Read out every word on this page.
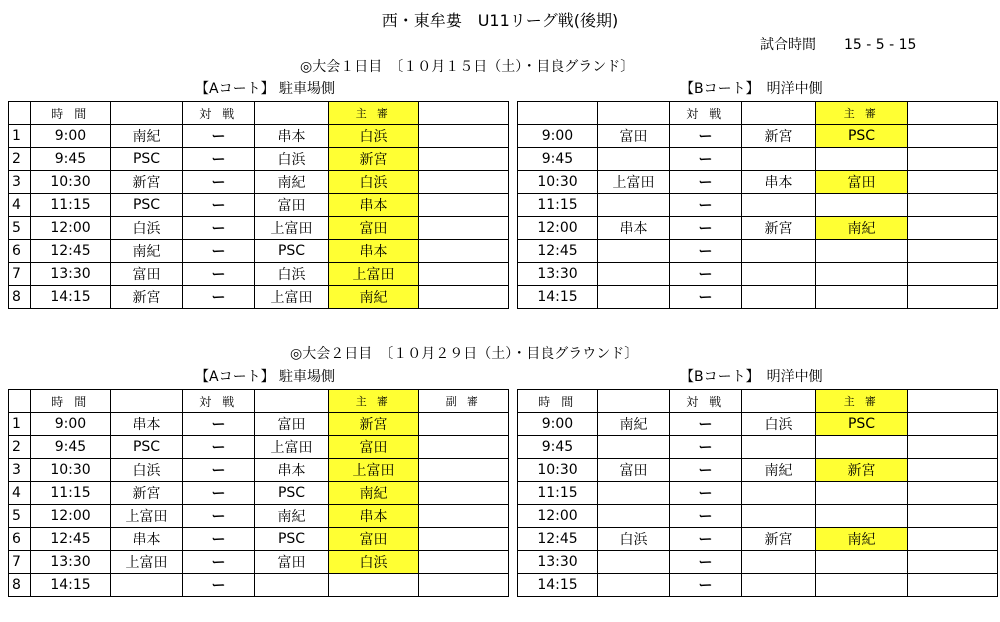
西・東牟婁　U11リーグ戦(後期)
試合時間　　 15 - 5 - 15
◎大会１日目　〔１０月１５日（土）・目良グランド〕
【Aコート】 駐車場側	【Bコート】　明洋中側
	時 間		対 戦		主 審	
1	9:00	南紀	ー	串本	白浜	
2	9:45	PSC	ー	白浜	新宮	
3	10:30	新宮	ー	南紀	白浜	
4	11:15	PSC	ー	富田	串本	
5	12:00	白浜	ー	上富田	富田	
6	12:45	南紀	ー	PSC	串本	
7	13:30	富田	ー	白浜	上富田	
8	14:15	新宮	ー	上富田	南紀	
		対 戦		主 審	
9:00	富田	ー	新宮	PSC	
9:45		ー			
10:30	上富田	ー	串本	富田	
11:15		ー			
12:00	串本	ー	新宮	南紀	
12:45		ー			
13:30		ー			
14:15		ー			
◎大会２日目　〔１０月２９日（土）・目良グラウンド〕
【Aコート】 駐車場側	【Bコート】　明洋中側
	時 間		対 戦		主 審	副 審
1	9:00	串本	ー	富田	新宮	
2	9:45	PSC	ー	上富田	富田	
3	10:30	白浜	ー	串本	上富田	
4	11:15	新宮	ー	PSC	南紀	
5	12:00	上富田	ー	南紀	串本	
6	12:45	串本	ー	PSC	富田	
7	13:30	上富田	ー	富田	白浜	
8	14:15		ー			
時 間		対 戦		主 審	
9:00	南紀	ー	白浜	PSC	
9:45		ー			
10:30	富田	ー	南紀	新宮	
11:15		ー			
12:00		ー			
12:45	白浜	ー	新宮	南紀	
13:30		ー			
14:15		ー			
